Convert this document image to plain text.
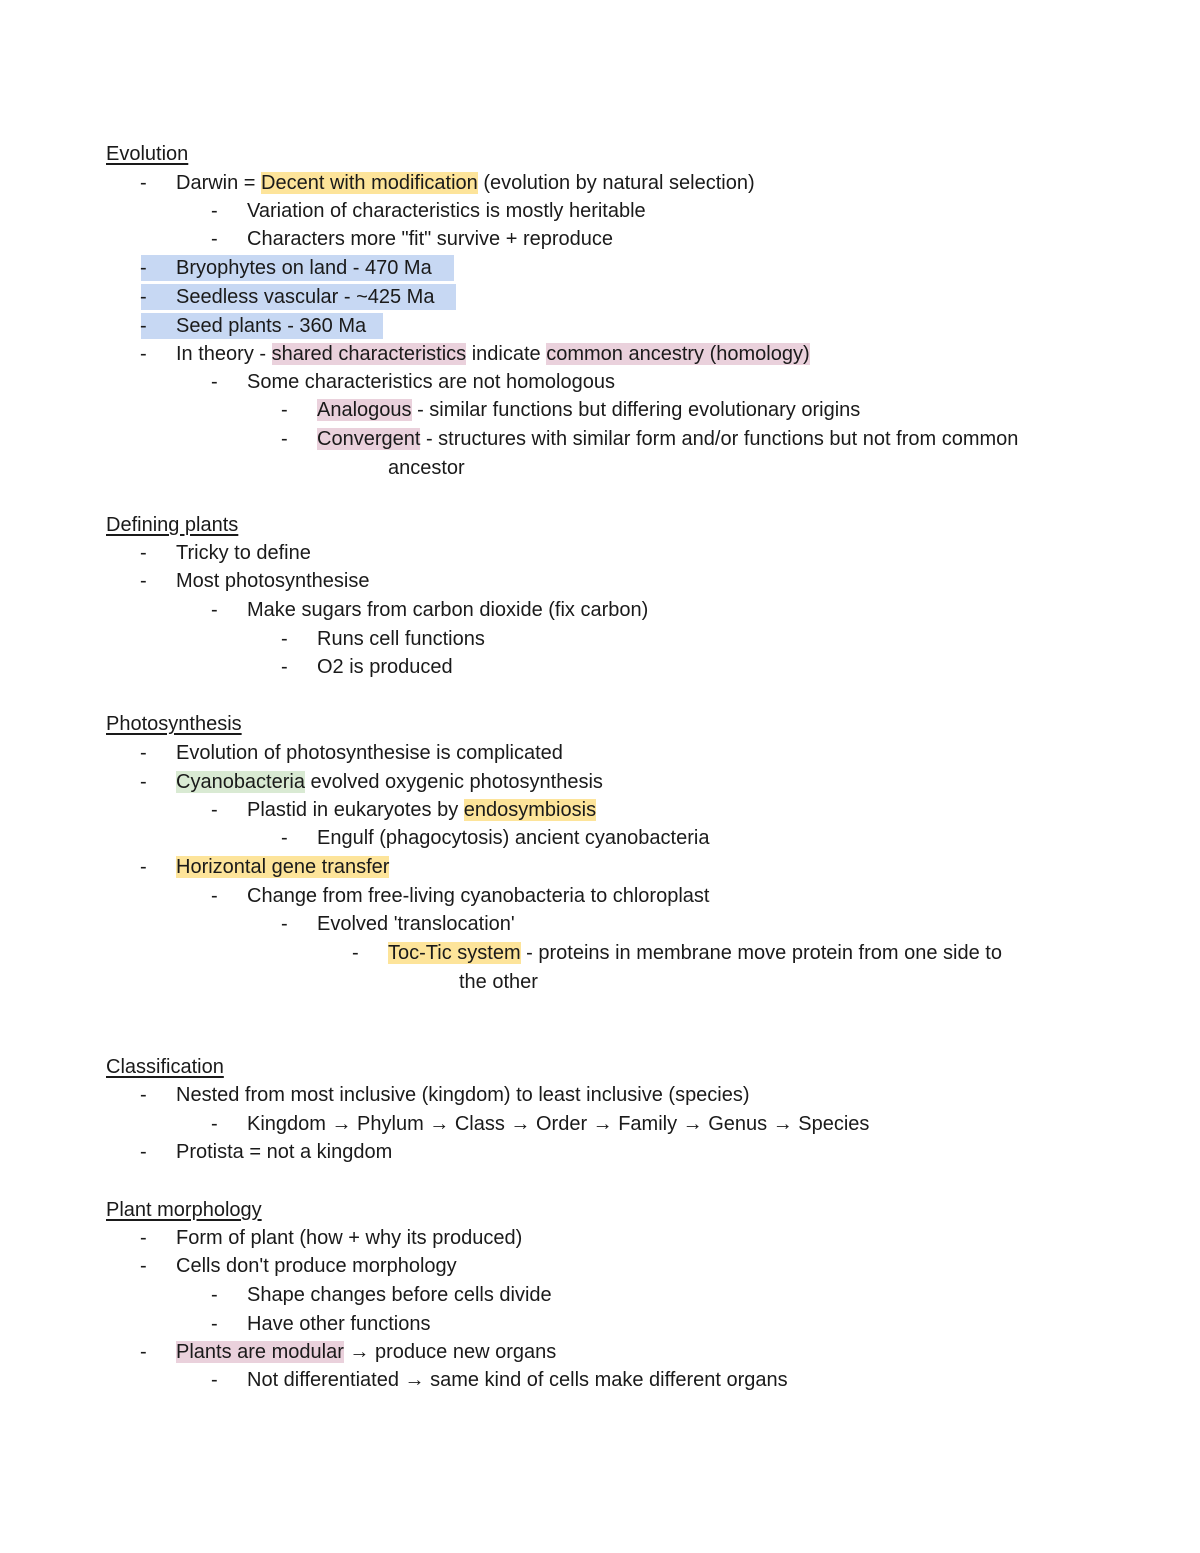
Evolution
- Darwin = Decent with modification (evolution by natural selection)
- Variation of characteristics is mostly heritable
- Characters more "fit" survive + reproduce
- Bryophytes on land - 470 Ma
- Seedless vascular - ~425 Ma
- Seed plants - 360 Ma
- In theory - shared characteristics indicate common ancestry (homology)
- Some characteristics are not homologous
- Analogous - similar functions but differing evolutionary origins
- Convergent - structures with similar form and/or functions but not from common
ancestor
Defining plants
- Tricky to define
- Most photosynthesise
- Make sugars from carbon dioxide (fix carbon)
- Runs cell functions
- O2 is produced
Photosynthesis
- Evolution of photosynthesise is complicated
- Cyanobacteria evolved oxygenic photosynthesis
- Plastid in eukaryotes by endosymbiosis
- Engulf (phagocytosis) ancient cyanobacteria
- Horizontal gene transfer
- Change from free-living cyanobacteria to chloroplast
- Evolved 'translocation'
- Toc-Tic system - proteins in membrane move protein from one side to
the other
Classification
- Nested from most inclusive (kingdom) to least inclusive (species)
- Kingdom → Phylum → Class → Order → Family → Genus → Species
- Protista = not a kingdom
Plant morphology
- Form of plant (how + why its produced)
- Cells don't produce morphology
- Shape changes before cells divide
- Have other functions
- Plants are modular → produce new organs
- Not differentiated → same kind of cells make different organs
